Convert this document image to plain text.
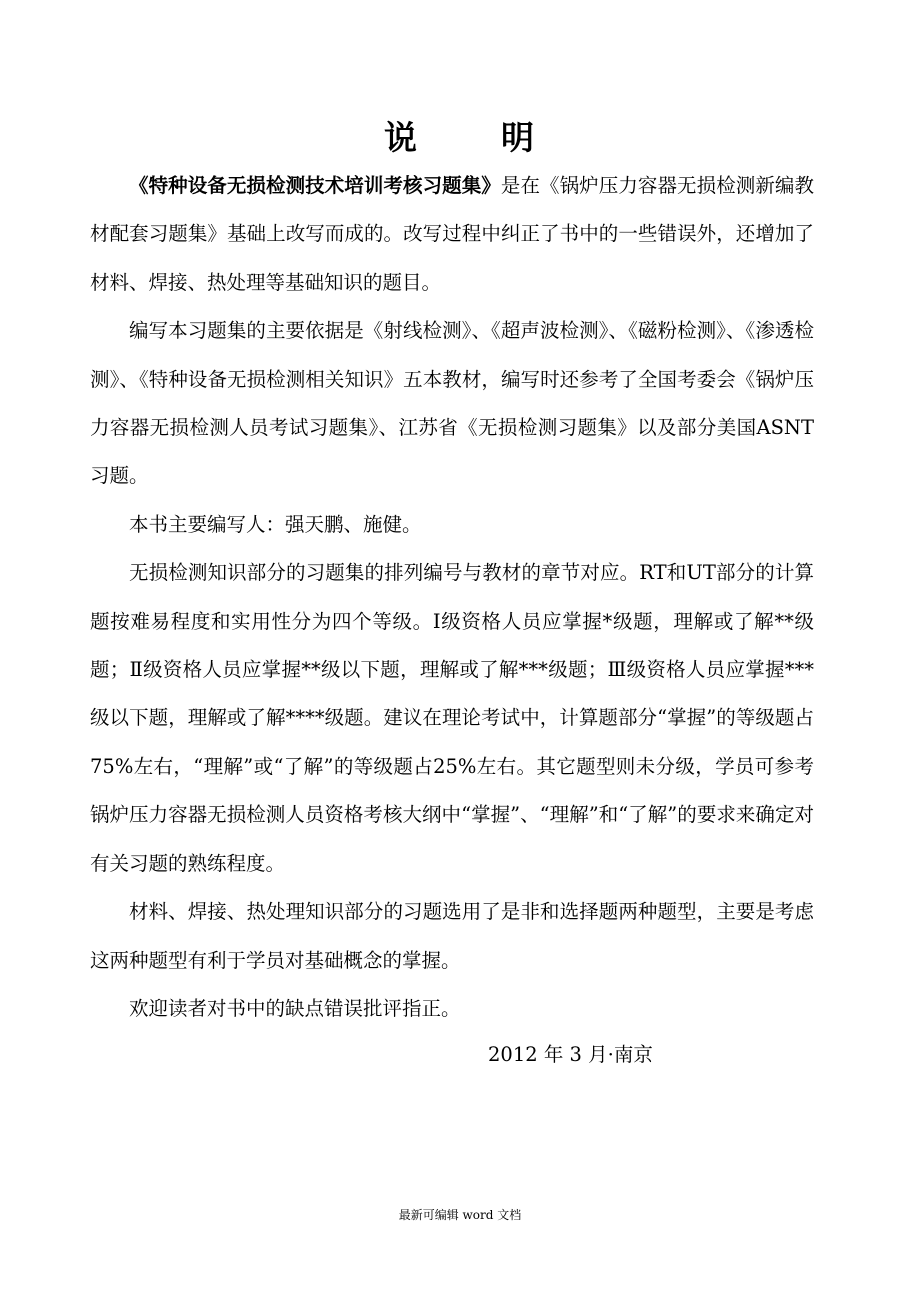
说 明

《特种设备无损检测技术培训考核习题集》是在《锅炉压力容器无损检测新编教材配套习题集》基础上改写而成的。改写过程中纠正了书中的一些错误外，还增加了材料、焊接、热处理等基础知识的题目。

编写本习题集的主要依据是《射线检测》、《超声波检测》、《磁粉检测》、《渗透检测》、《特种设备无损检测相关知识》五本教材，编写时还参考了全国考委会《锅炉压力容器无损检测人员考试习题集》、江苏省《无损检测习题集》以及部分美国ASNT习题。

本书主要编写人：强天鹏、施健。

无损检测知识部分的习题集的排列编号与教材的章节对应。RT和UT部分的计算题按难易程度和实用性分为四个等级。Ⅰ级资格人员应掌握*级题，理解或了解**级题；Ⅱ级资格人员应掌握**级以下题，理解或了解***级题；Ⅲ级资格人员应掌握***级以下题，理解或了解****级题。建议在理论考试中，计算题部分“掌握”的等级题占75%左右，“理解”或“了解”的等级题占25%左右。其它题型则未分级，学员可参考锅炉压力容器无损检测人员资格考核大纲中“掌握”、“理解”和“了解”的要求来确定对有关习题的熟练程度。

材料、焊接、热处理知识部分的习题选用了是非和选择题两种题型，主要是考虑这两种题型有利于学员对基础概念的掌握。

欢迎读者对书中的缺点错误批评指正。

2012 年 3 月·南京
最新可编辑 word 文档
